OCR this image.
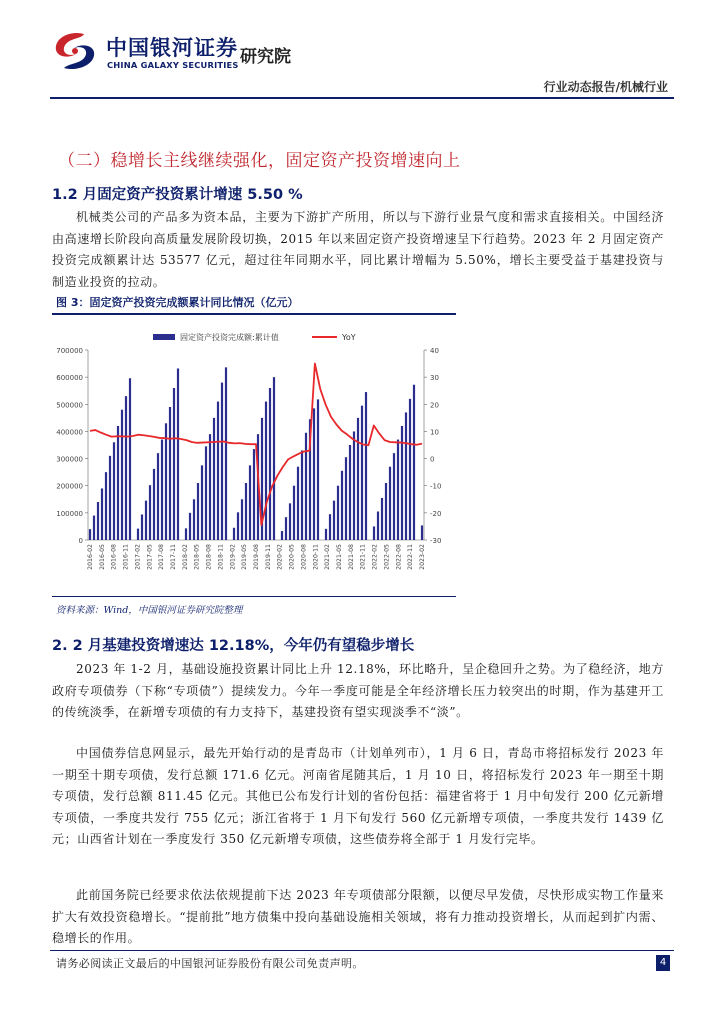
中国银河证券
CHINA GALAXY SECURITIES 研究院
行业动态报告/机械行业
（二）稳增长主线继续强化，固定资产投资增速向上
1.2 月固定资产投资累计增速 5.50 %
机械类公司的产品多为资本品，主要为下游扩产所用，所以与下游行业景气度和需求直接相关。中国经济由高速增长阶段向高质量发展阶段切换，2015 年以来固定资产投资增速呈下行趋势。2023 年 2 月固定资产投资完成额累计达 53577 亿元，超过往年同期水平，同比累计增幅为 5.50%，增长主要受益于基建投资与制造业投资的拉动。
图 3：固定资产投资完成额累计同比情况（亿元）
固定资产投资完成额:累计值	YoY
0
100000
200000
300000
400000
500000
600000
700000
-30
-20
-10
0
10
20
30
40
2016-02 2016-05 2016-08 2016-11 2017-02 2017-05 2017-08 2017-11 2018-02 2018-05 2018-08 2018-11 2019-02 2019-05 2019-08 2019-11 2020-02 2020-05 2020-08 2020-11 2021-02 2021-05 2021-08 2021-11 2022-02 2022-05 2022-08 2022-11 2023-02
资料来源：Wind，中国银河证券研究院整理
2. 2 月基建投资增速达 12.18%，今年仍有望稳步增长
2023 年 1-2 月，基础设施投资累计同比上升 12.18%，环比略升，呈企稳回升之势。为了稳经济，地方政府专项债券（下称“专项债”）提续发力。今年一季度可能是全年经济增长压力较突出的时期，作为基建开工的传统淡季，在新增专项债的有力支持下，基建投资有望实现淡季不“淡”。
中国债券信息网显示，最先开始行动的是青岛市（计划单列市），1 月 6 日，青岛市将招标发行 2023 年一期至十期专项债，发行总额 171.6 亿元。河南省尾随其后，1 月 10 日，将招标发行 2023 年一期至十期专项债，发行总额 811.45 亿元。其他已公布发行计划的省份包括：福建省将于 1 月中旬发行 200 亿元新增专项债，一季度共发行 755 亿元；浙江省将于 1 月下旬发行 560 亿元新增专项债，一季度共发行 1439 亿元；山西省计划在一季度发行 350 亿元新增专项债，这些债券将全部于 1 月发行完毕。
此前国务院已经要求依法依规提前下达 2023 年专项债部分限额，以便尽早发债，尽快形成实物工作量来扩大有效投资稳增长。“提前批”地方债集中投向基础设施相关领域，将有力推动投资增长，从而起到扩内需、稳增长的作用。
请务必阅读正文最后的中国银河证券股份有限公司免责声明。	4
